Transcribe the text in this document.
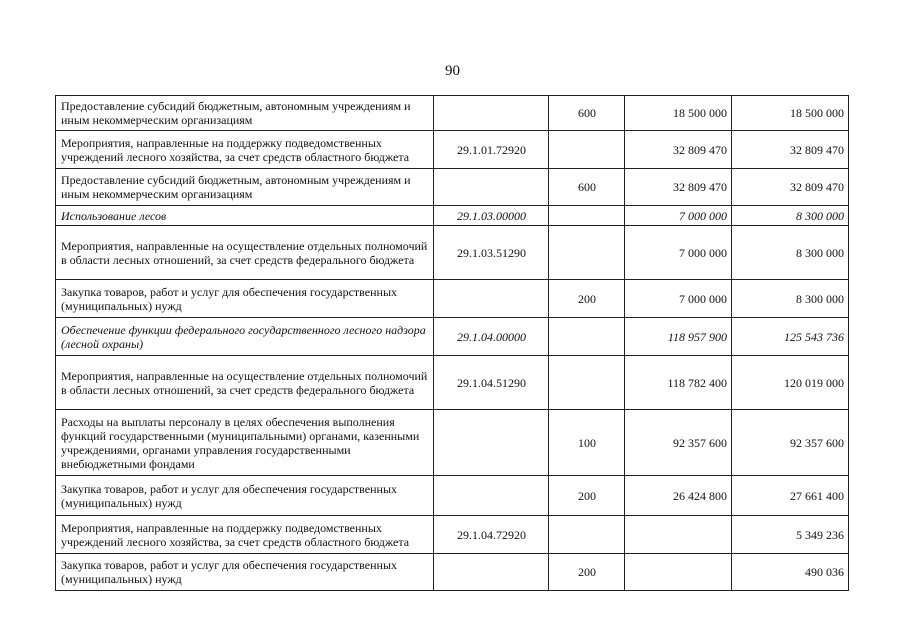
90
Предоставление субсидий бюджетным, автономным учреждениям и иным некоммерческим организациям		600	18 500 000	18 500 000
Мероприятия, направленные на поддержку подведомственных учреждений лесного хозяйства, за счет средств областного бюджета	29.1.01.72920		32 809 470	32 809 470
Предоставление субсидий бюджетным, автономным учреждениям и иным некоммерческим организациям		600	32 809 470	32 809 470
Использование лесов	29.1.03.00000		7 000 000	8 300 000
Мероприятия, направленные на осуществление отдельных полномочий в области лесных отношений, за счет средств федерального бюджета	29.1.03.51290		7 000 000	8 300 000
Закупка товаров, работ и услуг для обеспечения государственных (муниципальных) нужд		200	7 000 000	8 300 000
Обеспечение функции федерального государственного лесного надзора (лесной охраны)	29.1.04.00000		118 957 900	125 543 736
Мероприятия, направленные на осуществление отдельных полномочий в области лесных отношений, за счет средств федерального бюджета	29.1.04.51290		118 782 400	120 019 000
Расходы на выплаты персоналу в целях обеспечения выполнения функций государственными (муниципальными) органами, казенными учреждениями, органами управления государственными внебюджетными фондами		100	92 357 600	92 357 600
Закупка товаров, работ и услуг для обеспечения государственных (муниципальных) нужд		200	26 424 800	27 661 400
Мероприятия, направленные на поддержку подведомственных учреждений лесного хозяйства, за счет средств областного бюджета	29.1.04.72920			5 349 236
Закупка товаров, работ и услуг для обеспечения государственных (муниципальных) нужд		200		490 036
